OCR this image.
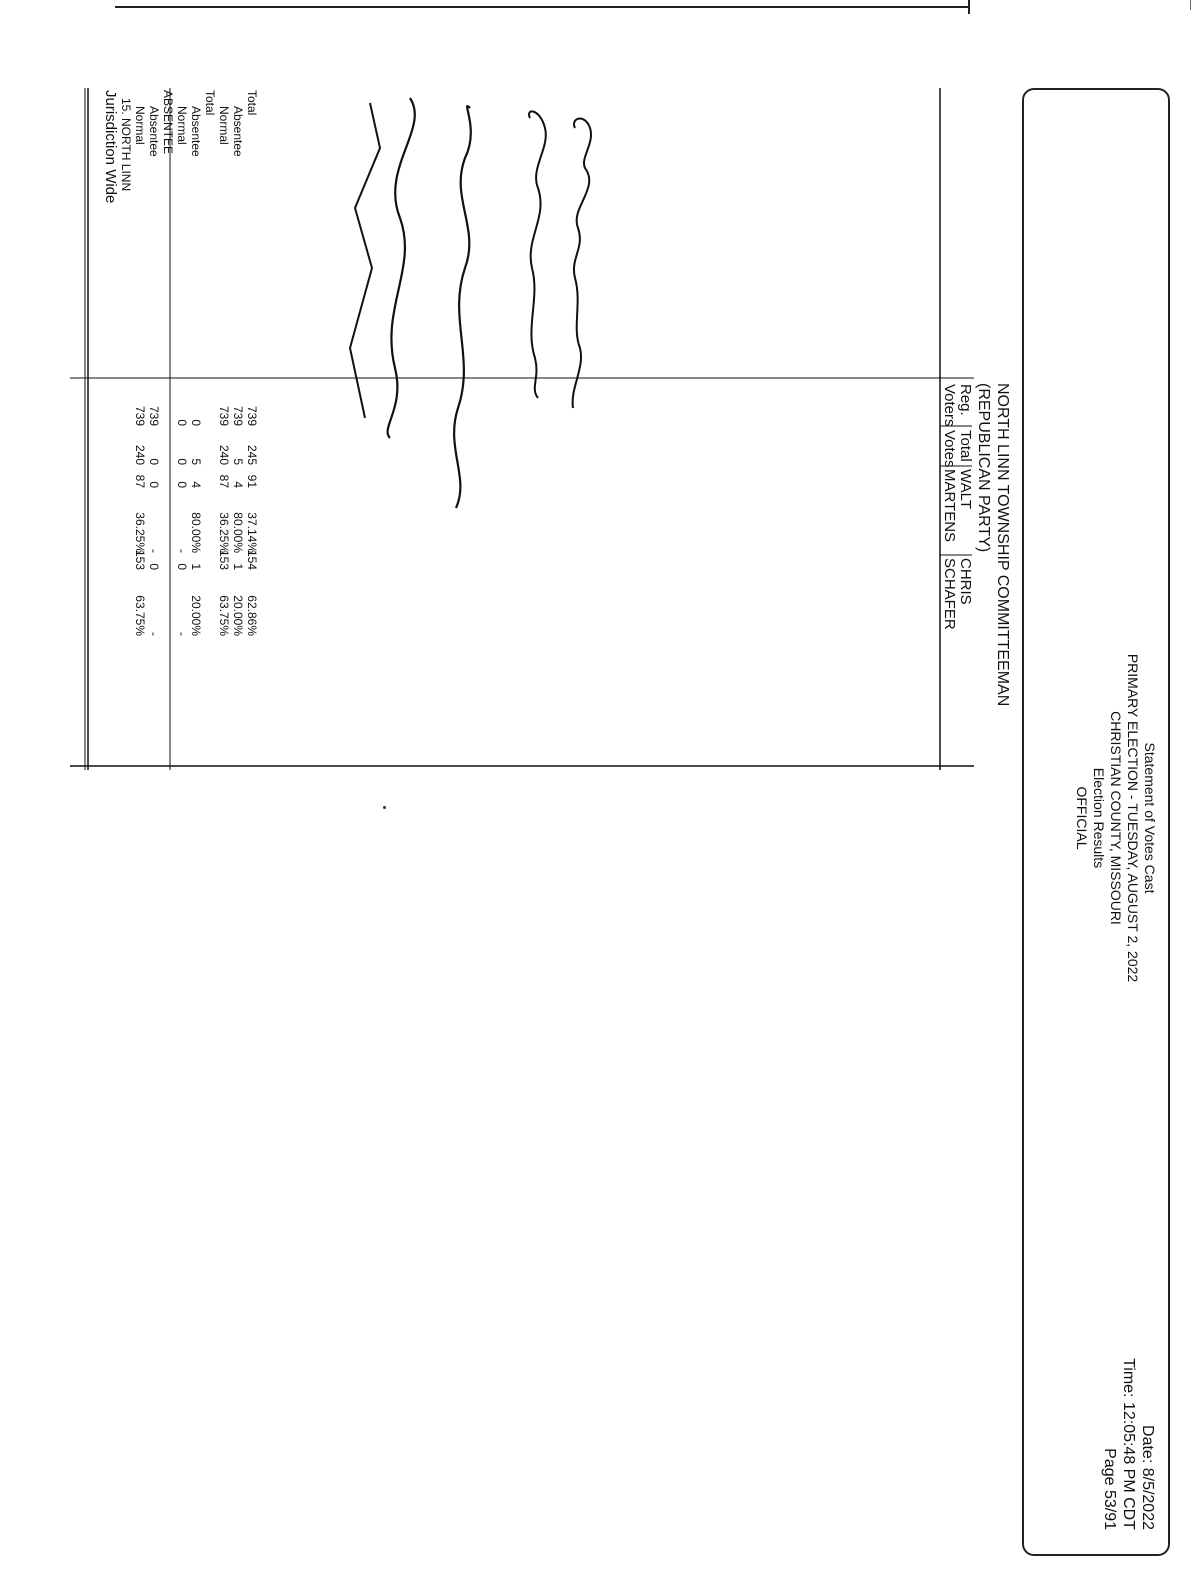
Statement of Votes Cast
PRIMARY ELECTION - TUESDAY, AUGUST 2, 2022
CHRISTIAN COUNTY, MISSOURI
Election Results
OFFICIAL
Date: 8/5/2022
Time: 12:05:48 PM CDT
Page 53/91
NORTH LINN TOWNSHIP COMMITTEEMAN
(REPUBLICAN PARTY)
Jurisdiction Wide
Reg.
Voters
Total
Votes
WALT
MARTENS
CHRIS
SCHAFER
15. NORTH LINN Normal
739
240
87
36.25%
153
63.75%
Absentee
739
0
0
-
0
-
ABSENTEE Normal
0
0
0
-
0
-
Absentee
0
5
4
80.00%
1
20.00%
Total
Normal
739
240
87
36.25%
153
63.75%
Absentee
739
5
4
80.00%
1
20.00%
Total
739
245
91
37.14%
154
62.86%
